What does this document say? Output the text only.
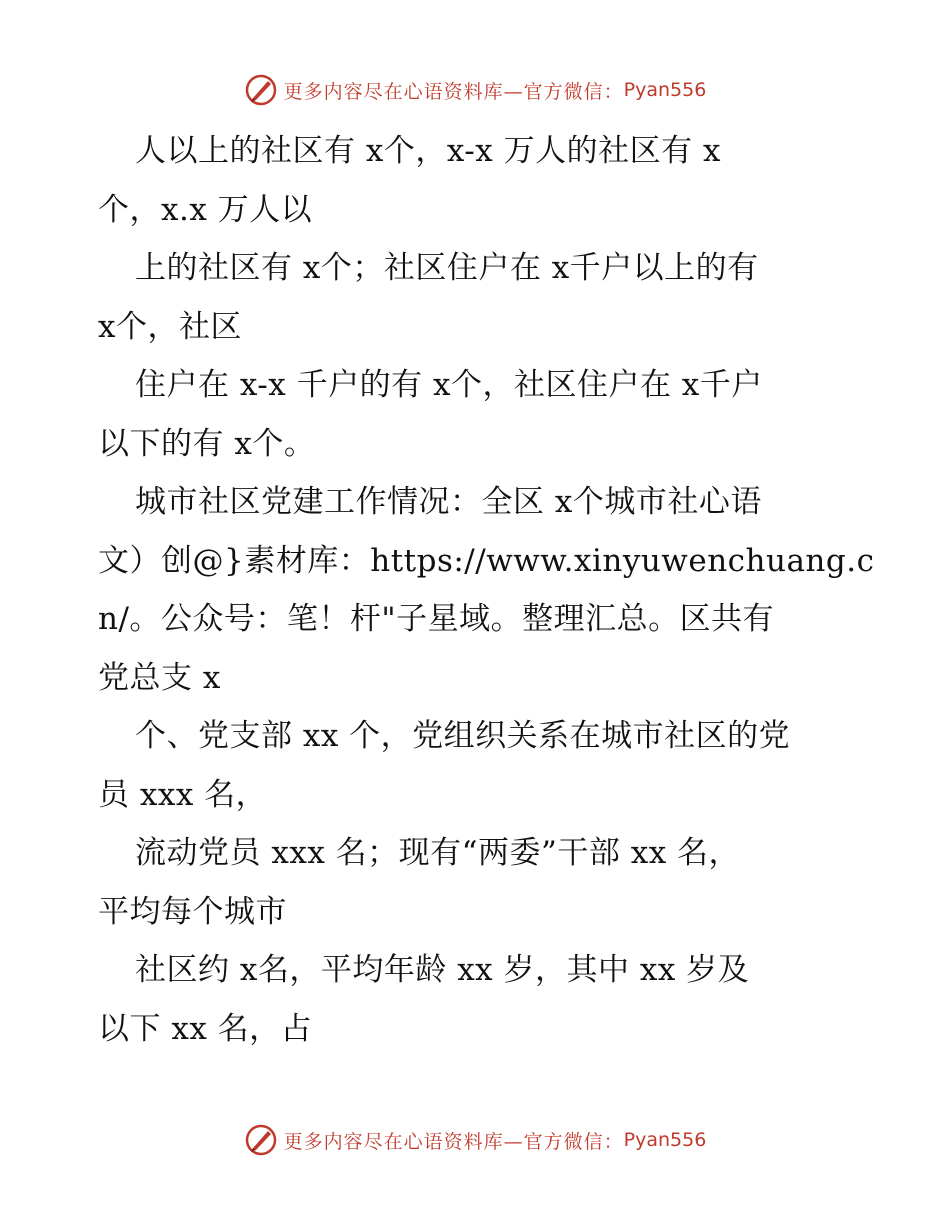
更多内容尽在心语资料库—官方微信： Pyan556
人以上的社区有 x个，x-x 万人的社区有 x
个，x.x 万人以
上的社区有 x个；社区住户在 x千户以上的有
x个，社区
住户在 x-x 千户的有 x个，社区住户在 x千户
以下的有 x个。
城市社区党建工作情况：全区 x个城市社心语
文）创@}素材库：https://www.xinyuwenchuang.c
n/。公众号：笔！杆"子星域。整理汇总。区共有
党总支 x
个、党支部 xx 个，党组织关系在城市社区的党
员 xxx 名，
流动党员 xxx 名；现有“两委”干部 xx 名，
平均每个城市
社区约 x名，平均年龄 xx 岁，其中 xx 岁及
以下 xx 名，占
更多内容尽在心语资料库—官方微信： Pyan556
